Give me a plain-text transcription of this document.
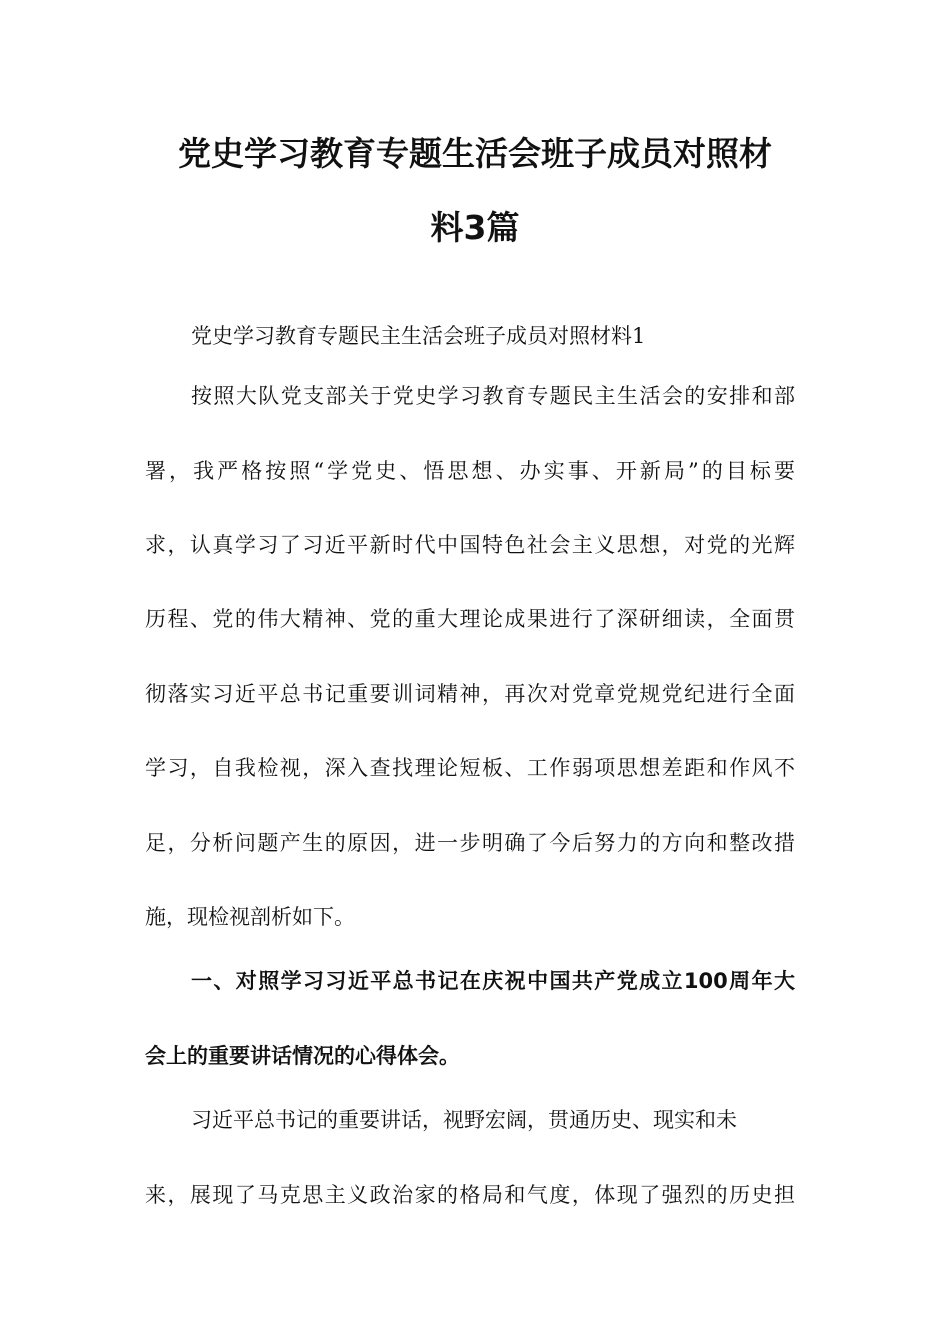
党史学习教育专题生活会班子成员对照材
料3篇

党史学习教育专题民主生活会班子成员对照材料1

按照大队党支部关于党史学习教育专题民主生活会的安排和部

署，我严格按照“学党史、悟思想、办实事、开新局”的目标要

求，认真学习了习近平新时代中国特色社会主义思想，对党的光辉

历程、党的伟大精神、党的重大理论成果进行了深研细读，全面贯

彻落实习近平总书记重要训词精神，再次对党章党规党纪进行全面

学习，自我检视，深入查找理论短板、工作弱项思想差距和作风不

足，分析问题产生的原因，进一步明确了今后努力的方向和整改措

施，现检视剖析如下。

一、对照学习习近平总书记在庆祝中国共产党成立100周年大

会上的重要讲话情况的心得体会。

习近平总书记的重要讲话，视野宏阔，贯通历史、现实和未

来，展现了马克思主义政治家的格局和气度，体现了强烈的历史担
